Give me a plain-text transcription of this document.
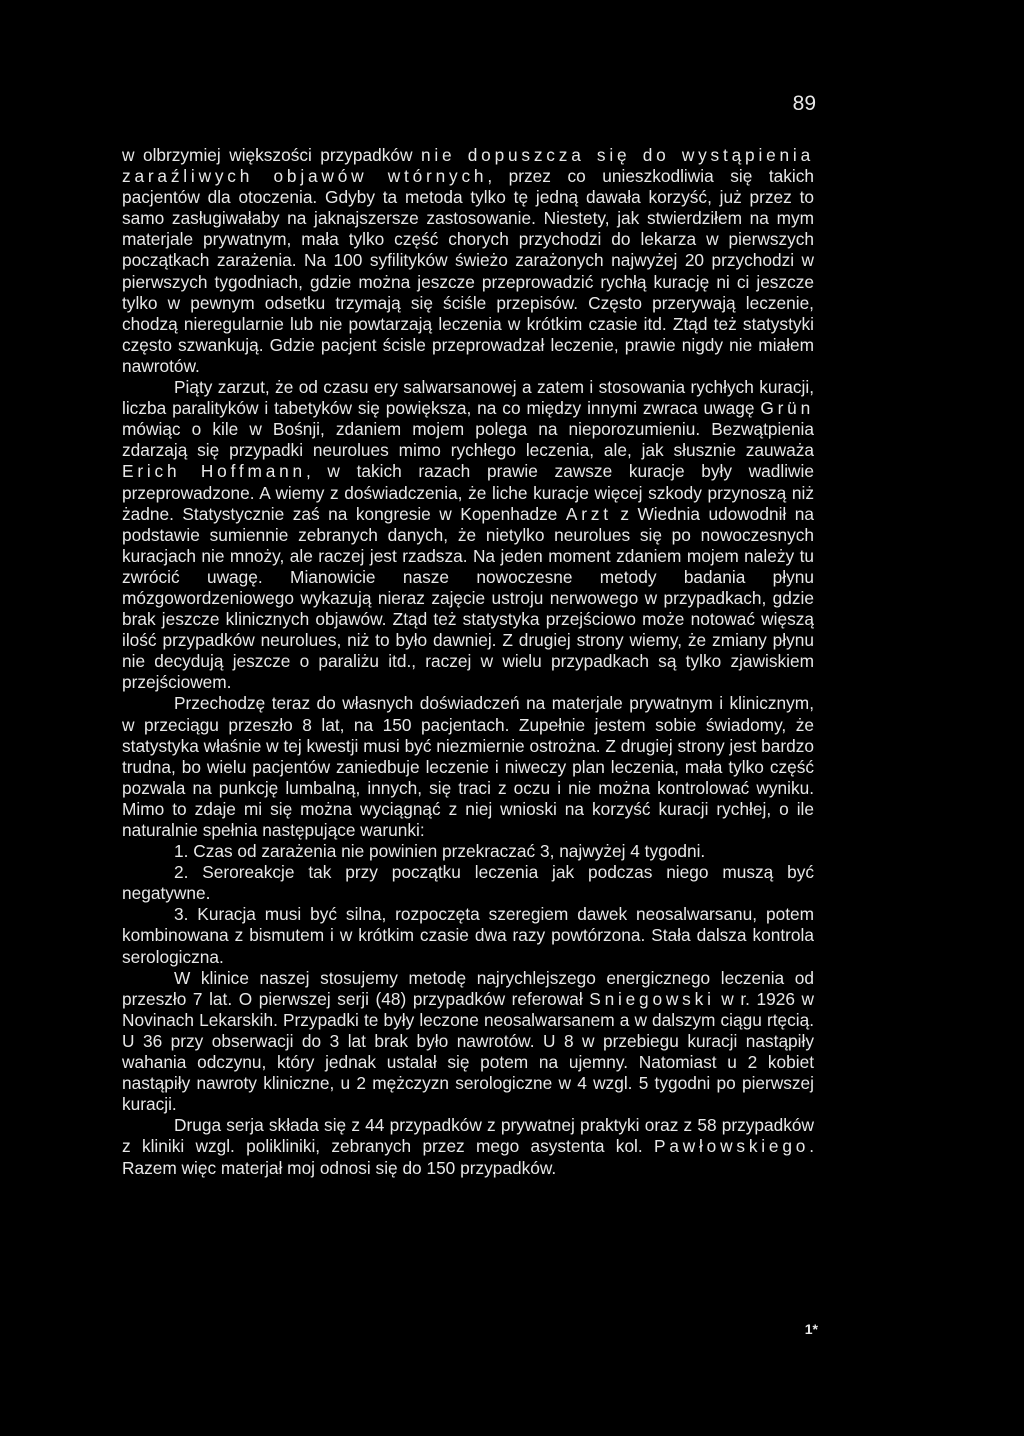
89

w olbrzymiej większości przypadków nie dopuszcza się do wystąpienia zaraźliwych objawów wtórnych, przez co unieszkodliwia się takich pacjentów dla otoczenia. Gdyby ta metoda tylko tę jedną dawała korzyść, już przez to samo zasługiwałaby na jaknajszersze zastosowanie. Niestety, jak stwierdziłem na mym materjale prywatnym, mała tylko część chorych przychodzi do lekarza w pierwszych początkach zarażenia. Na 100 syfilityków świeżo zarażonych najwyżej 20 przychodzi w pierwszych tygodniach, gdzie można jeszcze przeprowadzić rychłą kurację ni ci jeszcze tylko w pewnym odsetku trzymają się ściśle przepisów. Często przerywają leczenie, chodzą nieregularnie lub nie powtarzają leczenia w krótkim czasie itd. Ztąd też statystyki często szwankują. Gdzie pacjent ścisle przeprowadzał leczenie, prawie nigdy nie miałem nawrotów.

Piąty zarzut, że od czasu ery salwarsanowej a zatem i stosowania rychłych kuracji, liczba paralityków i tabetyków się powiększa, na co między innymi zwraca uwagę Grün mówiąc o kile w Bośnji, zdaniem mojem polega na nieporozumieniu. Bezwątpienia zdarzają się przypadki neurolues mimo rychłego leczenia, ale, jak słusznie zauważa Erich Hoffmann, w takich razach prawie zawsze kuracje były wadliwie przeprowadzone. A wiemy z doświadczenia, że liche kuracje więcej szkody przynoszą niż żadne. Statystycznie zaś na kongresie w Kopenhadze Arzt z Wiednia udowodnił na podstawie sumiennie zebranych danych, że nietylko neurolues się po nowoczesnych kuracjach nie mnoży, ale raczej jest rzadsza. Na jeden moment zdaniem mojem należy tu zwrócić uwagę. Mianowicie nasze nowoczesne metody badania płynu mózgowordzeniowego wykazują nieraz zajęcie ustroju nerwowego w przypadkach, gdzie brak jeszcze klinicznych objawów. Ztąd też statystyka przejściowo może notować więszą ilość przypadków neurolues, niż to było dawniej. Z drugiej strony wiemy, że zmiany płynu nie decydują jeszcze o paraliżu itd., raczej w wielu przypadkach są tylko zjawiskiem przejściowem.

Przechodzę teraz do własnych doświadczeń na materjale prywatnym i klinicznym, w przeciągu przeszło 8 lat, na 150 pacjentach. Zupełnie jestem sobie świadomy, że statystyka właśnie w tej kwestji musi być niezmiernie ostrożna. Z drugiej strony jest bardzo trudna, bo wielu pacjentów zaniedbuje leczenie i niweczy plan leczenia, mała tylko część pozwala na punkcję lumbalną, innych, się traci z oczu i nie można kontrolować wyniku. Mimo to zdaje mi się można wyciągnąć z niej wnioski na korzyść kuracji rychłej, o ile naturalnie spełnia następujące warunki:

1. Czas od zarażenia nie powinien przekraczać 3, najwyżej 4 tygodni.

2. Seroreakcje tak przy początku leczenia jak podczas niego muszą być negatywne.

3. Kuracja musi być silna, rozpoczęta szeregiem dawek neosalwarsanu, potem kombinowana z bismutem i w krótkim czasie dwa razy powtórzona. Stała dalsza kontrola serologiczna.

W klinice naszej stosujemy metodę najrychlejszego energicznego leczenia od przeszło 7 lat. O pierwszej serji (48) przypadków referował Sniegowski w r. 1926 w Novinach Lekarskih. Przypadki te były leczone neosalwarsanem a w dalszym ciągu rtęcią. U 36 przy obserwacji do 3 lat brak było nawrotów. U 8 w przebiegu kuracji nastąpiły wahania odczynu, który jednak ustalał się potem na ujemny. Natomiast u 2 kobiet nastąpiły nawroty kliniczne, u 2 mężczyzn serologiczne w 4 wzgl. 5 tygodni po pierwszej kuracji.

Druga serja składa się z 44 przypadków z prywatnej praktyki oraz z 58 przypadków z kliniki wzgl. polikliniki, zebranych przez mego asystenta kol. Pawłowskiego. Razem więc materjał moj odnosi się do 150 przypadków.

1*
